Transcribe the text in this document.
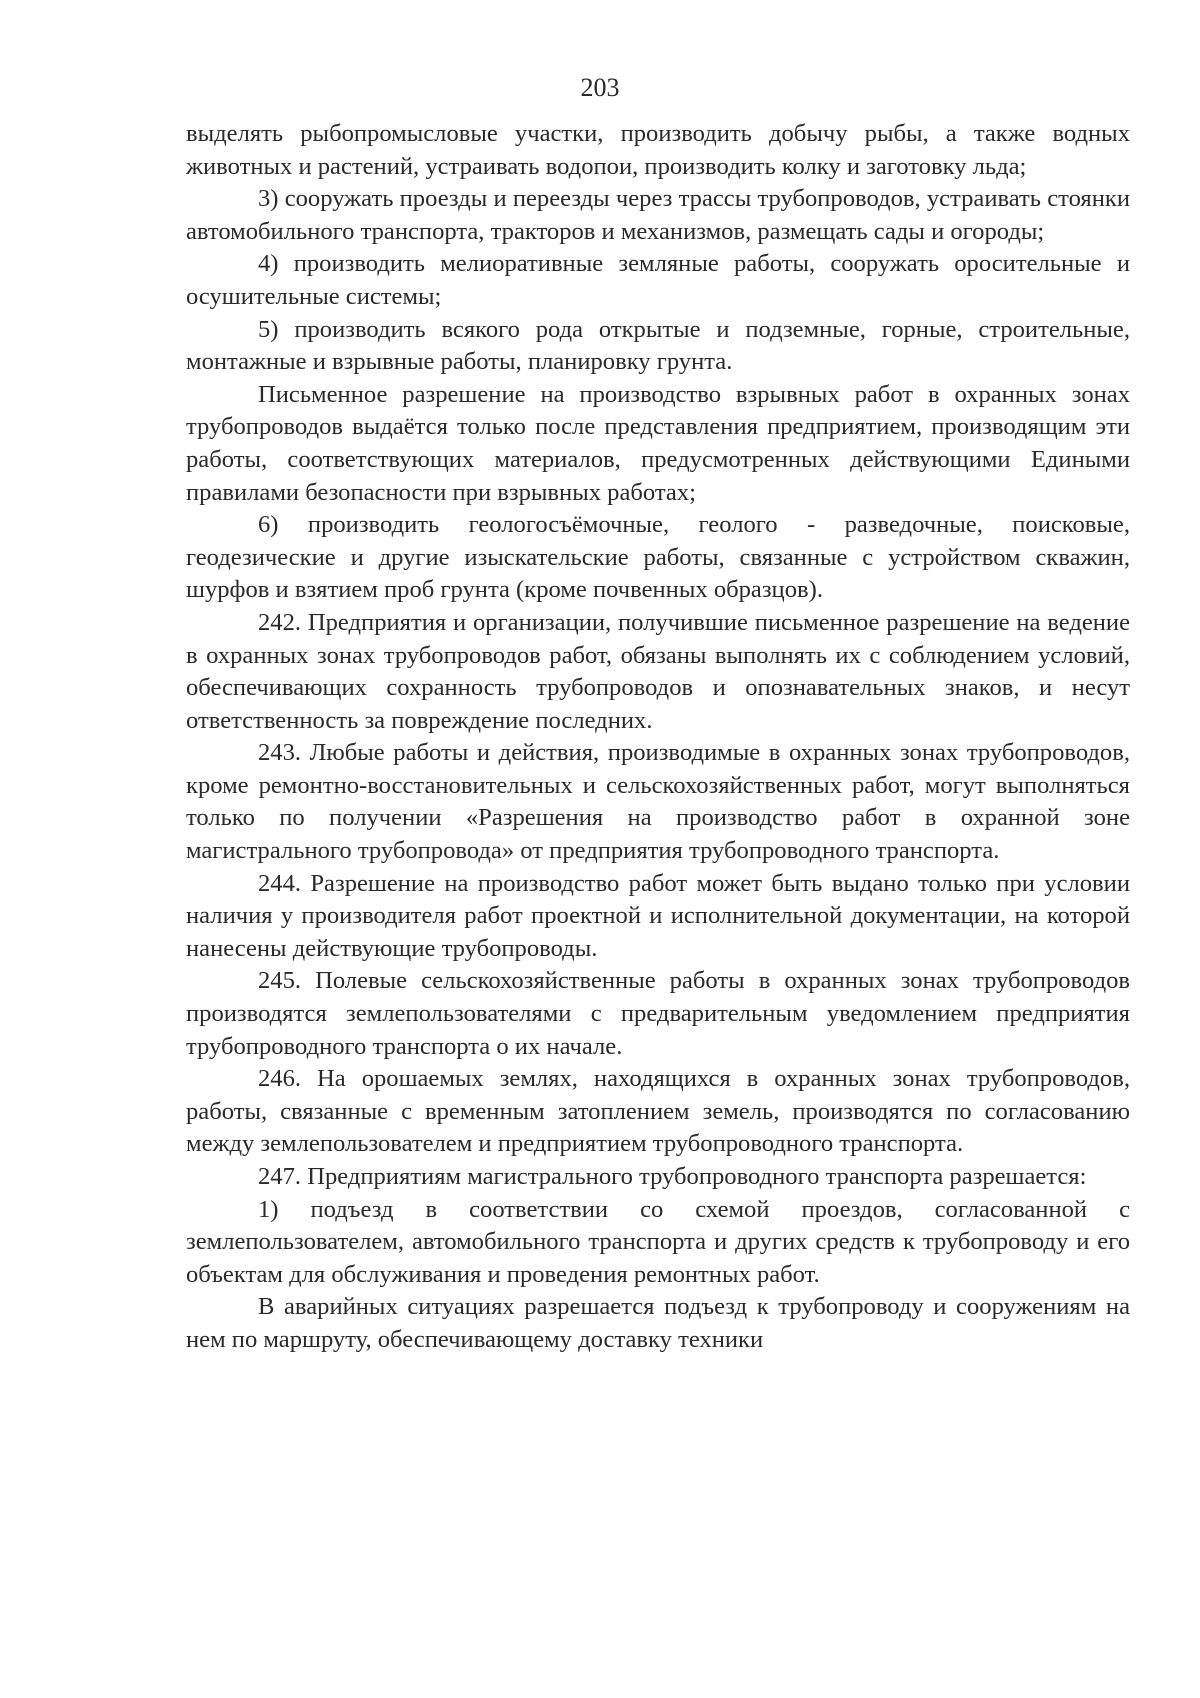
203

выделять рыбопромысловые участки, производить добычу рыбы, а также водных животных и растений, устраивать водопои, производить колку и заготовку льда;

3) сооружать проезды и переезды через трассы трубопроводов, устраивать стоянки автомобильного транспорта, тракторов и механизмов, размещать сады и огороды;

4) производить мелиоративные земляные работы, сооружать оросительные и осушительные системы;

5) производить всякого рода открытые и подземные, горные, строительные, монтажные и взрывные работы, планировку грунта.

Письменное разрешение на производство взрывных работ в охранных зонах трубопроводов выдаётся только после представления предприятием, производящим эти работы, соответствующих материалов, предусмотренных действующими Едиными правилами безопасности при взрывных работах;

6) производить геологосъёмочные, геолого - разведочные, поисковые, геодезические и другие изыскательские работы, связанные с устройством скважин, шурфов и взятием проб грунта (кроме почвенных образцов).

242. Предприятия и организации, получившие письменное разрешение на ведение в охранных зонах трубопроводов работ, обязаны выполнять их с соблюдением условий, обеспечивающих сохранность трубопроводов и опознавательных знаков, и несут ответственность за повреждение последних.

243. Любые работы и действия, производимые в охранных зонах трубопроводов, кроме ремонтно-восстановительных и сельскохозяйственных работ, могут выполняться только по получении «Разрешения на производство работ в охранной зоне магистрального трубопровода» от предприятия трубопроводного транспорта.

244. Разрешение на производство работ может быть выдано только при условии наличия у производителя работ проектной и исполнительной документации, на которой нанесены действующие трубопроводы.

245. Полевые сельскохозяйственные работы в охранных зонах трубопроводов производятся землепользователями с предварительным уведомлением предприятия трубопроводного транспорта о их начале.

246. На орошаемых землях, находящихся в охранных зонах трубопроводов, работы, связанные с временным затоплением земель, производятся по согласованию между землепользователем и предприятием трубопроводного транспорта.

247. Предприятиям магистрального трубопроводного транспорта разрешается:

1) подъезд в соответствии со схемой проездов, согласованной с землепользователем, автомобильного транспорта и других средств к трубопроводу и его объектам для обслуживания и проведения ремонтных работ.

В аварийных ситуациях разрешается подъезд к трубопроводу и сооружениям на нем по маршруту, обеспечивающему доставку техники
